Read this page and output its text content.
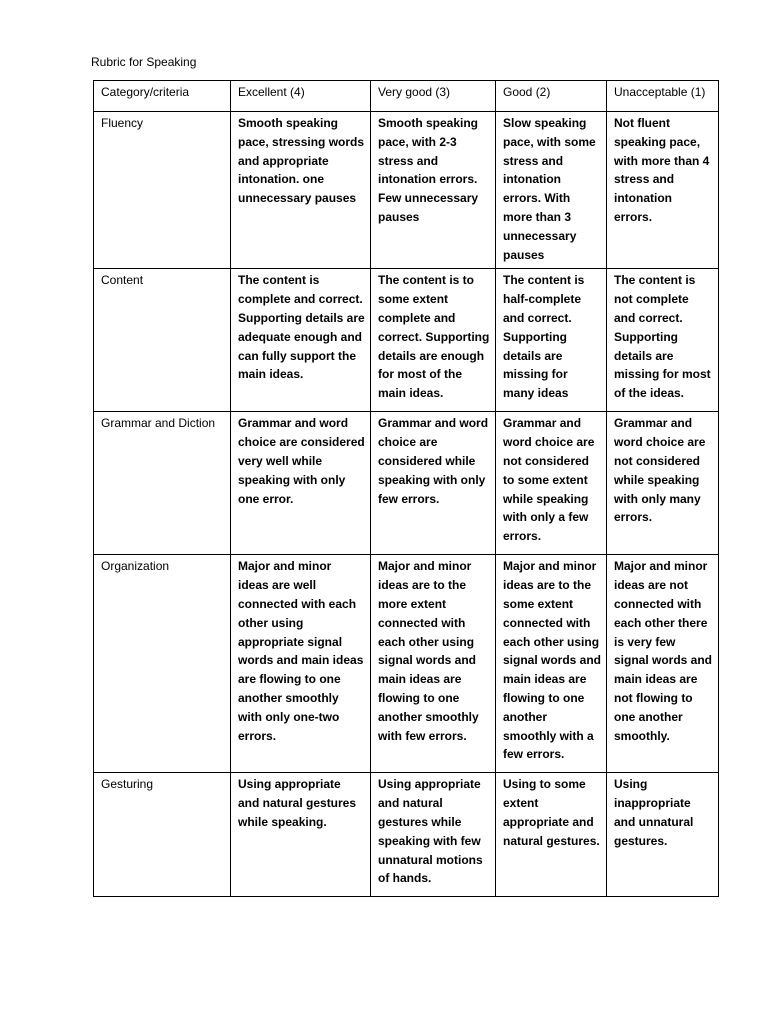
Rubric for Speaking
Category/criteria	Excellent (4)	Very good (3)	Good (2)	Unacceptable (1)
Fluency	Smooth speaking pace, stressing words and appropriate intonation. one unnecessary pauses	Smooth speaking pace, with 2-3 stress and intonation errors. Few unnecessary pauses	Slow speaking pace, with some stress and intonation errors. With more than 3 unnecessary pauses	Not fluent speaking pace, with more than 4 stress and intonation errors.
Content	The content is complete and correct. Supporting details are adequate enough and can fully support the main ideas.	The content is to some extent complete and correct. Supporting details are enough for most of the main ideas.	The content is half-complete and correct. Supporting details are missing for many ideas	The content is not complete and correct. Supporting details are missing for most of the ideas.
Grammar and Diction	Grammar and word choice are considered very well while speaking with only one error.	Grammar and word choice are considered while speaking with only few errors.	Grammar and word choice are not considered to some extent while speaking with only a few errors.	Grammar and word choice are not considered while speaking with only many errors.
Organization	Major and minor ideas are well connected with each other using appropriate signal words and main ideas are flowing to one another smoothly with only one-two errors.	Major and minor ideas are to the more extent connected with each other using signal words and main ideas are flowing to one another smoothly with few errors.	Major and minor ideas are to the some extent connected with each other using signal words and main ideas are flowing to one another smoothly with a few errors.	Major and minor ideas are not connected with each other there is very few signal words and main ideas are not flowing to one another smoothly.
Gesturing	Using appropriate and natural gestures while speaking.	Using appropriate and natural gestures while speaking with few unnatural motions of hands.	Using to some extent appropriate and natural gestures.	Using inappropriate and unnatural gestures.
